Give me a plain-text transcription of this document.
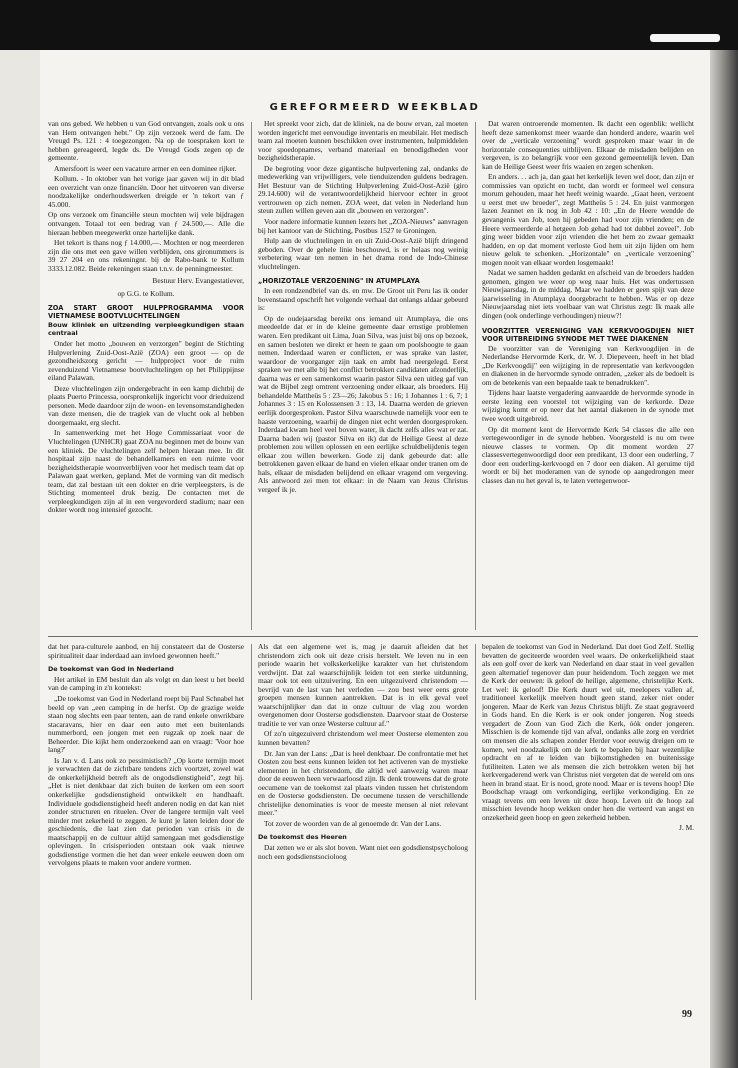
GEREFORMEERD WEEKBLAD

van ons gebed. We hebben u van God ontvangen, zoals ook u ons van Hem ontvangen hebt." Op zijn verzoek werd de fam. De Vreugd Ps. 121 : 4 toegezongen. Na op de toespraken kort te hebben gereageerd, legde ds. De Vreugd Gods zegen op de gemeente.

Amersfoort is weer een vacature armer en een dominee rijker.

Kollum. - In oktober van het vorige jaar gaven wij in dit blad een overzicht van onze financiën. Door het uitvoeren van diverse noodzakelijke onderhoudswerken dreigde er 'n tekort van ƒ 45.000.

Op ons verzoek om financiële steun mochten wij vele bijdragen ontvangen. Totaal tot een bedrag van ƒ 24.500,—. Alle die hieraan hebben meegewerkt onze hartelijke dank.

Het tekort is thans nog ƒ 14.000,—. Mochten er nog meerderen zijn die ons met een gave willen verblijden, ons gironummers is 39 27 204 en ons rekeningnr. bij de Rabo-bank te Kollum 3333.12.082. Beide rekeningen staan t.n.v. de penningmeester.

Bestuur Herv. Evangestatiever,

op G.G. te Kollum.

ZOA START GROOT HULPPROGRAMMA VOOR VIETNAMESE BOOTVLUCHTELINGEN
Bouw kliniek en uitzending verpleegkundigen staan centraal

Onder het motto „bouwen en verzorgen" begint de Stichting Hulpverlening Zuid-Oost-Azië (ZOA) een groot — op de gezondheidszorg gericht — hulpproject voor de ruim zevenduizend Vietnamese bootvluchtelingen op het Philippijnse eiland Palawan.

Deze vluchtelingen zijn ondergebracht in een kamp dichtbij de plaats Puerto Princessa, oorspronkelijk ingericht voor drieduizend personen. Mede daardoor zijn de woon- en levensomstandigheden van deze mensen, die de tragiek van de vlucht ook al hebben doorgemaakt, erg slecht.

In samenwerking met het Hoge Commissariaat voor de Vluchtelingen (UNHCR) gaat ZOA nu beginnen met de bouw van een kliniek. De vluchtelingen zelf helpen hieraan mee. In dit hospitaal zijn naast de behandelkamers en een ruimte voor bezigheidstherapie woonverblijven voor het medisch team dat op Palawan gaat werken, gepland. Met de vorming van dit medisch team, dat zal bestaan uit een dokter en drie verpleegsters, is de Stichting momenteel druk bezig. De contacten met de verpleegkundigen zijn al in een vergevorderd stadium; naar een dokter wordt nog intensief gezocht.

Het spreekt voor zich, dat de kliniek, na de bouw ervan, zal moeten worden ingericht met eenvoudige inventaris en meubilair. Het medisch team zal moeten kunnen beschikken over instrumenten, hulpmiddelen voor spoedopnames, verband materiaal en benodigdheden voor bezigheidstherapie.

De begroting voor deze gigantische hulpverlening zal, ondanks de medewerking van vrijwilligers, vele tienduizenden guldens bedragen. Het Bestuur van de Stichting Hulpverlening Zuid-Oost-Azië (giro 29.14.600) wil de verantwoordelijkheid hiervoor echter in groot vertrouwen op zich nemen. ZOA weet, dat velen in Nederland hun steun zullen willen geven aan dit „bouwen en verzorgen".

Voor nadere informatie kunnen lezers het „ZOA-Nieuws" aanvragen bij het kantoor van de Stichting, Postbus 1527 te Groningen.

Hulp aan de vluchtelingen in en uit Zuid-Oost-Azië blijft dringend geboden. Over de gehele linie beschouwd, is er helaas nog weinig verbetering waar ten nemen in het drama rond de Indo-Chinese vluchtelingen.

„HORIZOTALE VERZOENING" IN ATUMPLAYA

In een rondzendbrief van ds. en mw. De Groot uit Peru las ik onder bovenstaand opschrift het volgende verhaal dat onlangs aldaar gebeurd is:

Op de oudejaarsdag bereikt ons iemand uit Atumplaya, die ons meedeelde dat er in de kleine gemeente daar ernstige problemen waren. Een predikant uit Lima, Juan Silva, was juist bij ons op bezoek, en samen besloten we direkt er heen te gaan om poolshoogte te gaan nemen. Inderdaad waren er conflicten, er was sprake van laster, waardoor de voorganger zijn taak en ambt had neergelegd. Eerst spraken we met alle bij het conflict betrokken candidaten afzonderlijk, daarna was er een samenkomst waarin pastor Silva een uitleg gaf van wat de Bijbel zegt omtrent verzoening onder elkaar, als broeders. Hij behandelde Mattheüs 5 : 23—26; Jakobus 5 : 16; 1 Johannes 1 : 6, 7; 1 Johannes 3 : 15 en Kolossensen 3 : 13, 14. Daarna werden de grieven eerlijk doorgesproken. Pastor Silva waarschuwde namelijk voor een te haaste verzoening, waarbij de dingen niet echt werden doorgesproken. Inderdaad kwam heel veel boven water, ik dacht zelfs alles wat er zat. Daarna baden wij (pastor Silva en ik) dat de Heilige Geest al deze problemen zou willen oplossen en een eerlijke schuldbelijdenis tegen elkaar zou willen bewerken. Gode zij dank gebeurde dat: alle betrokkenen gaven elkaar de hand en vielen elkaar onder tranen om de hals, elkaar de misdaden belijdend en elkaar vragend om vergeving. Als antwoord zei men tot elkaar: in de Naam van Jezus Christus vergeef ik je.

Dat waren ontroerende momenten. Ik dacht een ogenblik: wellicht heeft deze samenkomst meer waarde dan honderd andere, waarin wel over de „verticale verzoening" wordt gesproken maar waar in de horizontale consequenties uitblijven. Elkaar de misdaden belijden en vergeven, is zo belangrijk voor een gezond gemeentelijk leven. Dan kan de Heilige Geest weer fris waaien en zegen schenken.

En anders. . . ach ja, dan gaat het kerkelijk leven wel door, dan zijn er commissies van opzicht en tucht, dan wordt er formeel wel censura morum gehouden, maar het heeft weinig waarde. „Gaat heen, verzoent u eerst met uw broeder", zegt Mattheüs 5 : 24. En juist vanmorgen lazen Jeannet en ik nog in Job 42 : 10: „En de Heere wendde de gevangenis van Job, toen hij gebeden had voor zijn vrienden; en de Heere vermeerderde al hetgeen Job gehad had tot dubbel zoveel". Job ging weer bidden voor zijn vrienden die het hem zo zwaar gemaakt hadden, en op dat moment verloste God hem uit zijn lijden om hem nieuw geluk te schenken. „Horizontale" en „verticale verzoening" mogen nooit van elkaar worden losgemaakt!

Nadat we samen hadden gedankt en afscheid van de broeders hadden genomen, gingen we weer op weg naar huis. Het was ondertussen Nieuwjaarsdag, in de middag. Maar we hadden er geen spijt van deze jaarwisseling in Atumplaya doorgebracht te hebben. Was er op deze Nieuwjaarsdag niet iets voelbaar van wat Christus zegt: Ik maak alle dingen (ook onderlinge verhoudingen) nieuw?!

VOORZITTER VERENIGING VAN KERKVOOGDIJEN NIET VOOR UITBREIDING SYNODE MET TWEE DIAKENEN

De voorzitter van de Vereniging van Kerkvoogdijen in de Nederlandse Hervormde Kerk, dr. W. J. Diepeveen, heeft in het blad „De Kerkvoogdij" een wijziging in de representatie van kerkvoogden en diakenen in de hervormde synode ontraden, „zeker als de bedoelt is om de betekenis van een bepaalde taak te benadrukken".

Tijdens haar laatste vergadering aanvaardde de hervormde synode in eerste lezing een voorstel tot wijziging van de kerkorde. Deze wijziging komt er op neer dat het aantal diakenen in de synode met twee wordt uitgebreid.

Op dit moment kent de Hervormde Kerk 54 classes die alle een vertegewoordiger in de synode hebben. Voorgesteld is nu om twee nieuwe classes te vormen. Op dit moment worden 27 classesvertegenwoordigd door een predikant, 13 door een ouderling, 7 door een ouderling-kerkvoogd en 7 door een diaken. Al geruime tijd wordt er bij het moderamen van de synode op aangedrongen meer classes dan nu het geval is, te laten vertegenwoor-

dat het para-culturele aanbod, en hij constateert dat de Oosterse spiritualiteit daar inderdaad aan invloed gewonnen heeft."

De toekomst van God in Nederland

Het artikel in EM besluit dan als volgt en dan leest u het beeld van de camping in z'n kontekst:

„De toekomst van God in Nederland roept bij Paul Schnabel het beeld op van „een camping in de herfst. Op de grazige weide staan nog slechts een paar tenten, aan de rand enkele onwrikbare stacaravans, hier en daar een auto met een buitenlands nummerbord, een jongen met een rugzak op zoek naar de Beheerder. Die kijkt hem onderzoekend aan en vraagt: 'Voor hoe lang?'

Is Jan v. d. Lans ook zo pessimistisch? „Op korte termijn moet je verwachten dat de zichtbare tendens zich voortzet, zowel wat de onkerkelijkheid betreft als de ongodsdienstigheid", zegt hij. „Het is niet denkbaar dat zich buiten de kerken om een soort onkerkelijke godsdienstigheid ontwikkelt en handhaaft. Individuele godsdienstigheid heeft anderen nodig en dat kan niet zonder structuren en rituelen. Over de langere termijn valt veel minder met zekerheid te zeggen. Je kunt je laten leiden door de geschiedenis, die laat zien dat perioden van crisis in de maatschappij en de cultuur altijd samengaan met godsdienstige oplevingen. In crisisperioden ontstaan ook vaak nieuwe godsdienstige vormen die het dan weer enkele eeuwen doen om vervolgens plaats te maken voor andere vormen.

Als dat een algemene wet is, mag je daaruit afleiden dat het christendom zich ook uit deze crisis herstelt. We leven nu in een periode waarin het volkskerkelijke karakter van het christendom verdwijnt. Dat zal waarschijnlijk leiden tot een sterke uitdunning, maar ook tot een uitzuivering. En een uitgezuiverd christendom — bevrijd van de last van het verleden — zou best weer eens grote groepen mensen kunnen aantrekken. Dat is in elk geval veel waarschijnlijker dan dat in onze cultuur de vlag zou worden overgenomen door Oosterse godsdiensten. Daarvoor staat de Oosterse traditie te ver van onze Westerse cultuur af."

Of zo'n uitgezuiverd christendom wel meer Oosterse elementen zou kunnen bevatten?

Dr. Jan van der Lans: „Dat is heel denkbaar. De confrontatie met het Oosten zou best eens kunnen leiden tot het activeren van de mystieke elementen in het christendom, die altijd wel aanwezig waren maar door de eeuwen heen verwaarloosd zijn. Ik denk trouwens dat de grote oecumene van de toekomst zal plaats vinden tussen het christendom en de Oosterse godsdiensten. De oecumene tussen de verschillende christelijke denominaties is voor de meeste mensen al niet relevant meer."

Tot zover de woorden van de al genoemde dr. Van der Lans.

De toekomst des Heeren

Dat zetten we er als slot boven. Want niet een godsdienstpsycholoog noch een godsdienstsocioloog

bepalen de toekomst van God in Nederland. Dat doet God Zelf. Stellig bevatten de geciteerde woorden veel waars. De onkerkelijkheid staat als een golf over de kerk van Nederland en daar staat in veel gevallen geen alternatief tegenover dan puur heidendom. Toch zeggen we met de Kerk der eeuwen: ik geloof de heilige, algemene, christelijke Kerk. Let wel: ik geloof! Die Kerk duurt wel uit, meelopers vallen af, traditioneel kerkelijk meelven houdt geen stand, zeker niet onder jongeren. Maar de Kerk van Jezus Christus blijft. Ze staat gegraveerd in Gods hand. En die Kerk is er ook onder jongeren. Nog steeds vergadert de Zoon van God Zich die Kerk, óók onder jongeren. Misschien is de komende tijd van afval, ondanks alle zorg en verdriet om mensen die als schapen zonder Herder voor eeuwig dreigen om te komen, wel noodzakelijk om de kerk te bepalen bij haar wezenlijke opdracht en af te leiden van bijkomstigheden en buitenissige futiliteiten. Laten we als mensen die zich betrokken weten bij het kerkvergaderend werk van Christus niet vergeten dat de wereld om ons heen in brand staat. Er is nood, grote nood. Maar er is tevens hoop! Die Boodschap vraagt om verkondiging, eerlijke verkondiging. En ze vraagt tevens om een leven uit deze hoop. Leven uit de hoop zal misschien levende hoop wekken onder hen die verteerd van angst en onzekerheid geen hoop en geen zekerheid hebben.

J. M.

99
